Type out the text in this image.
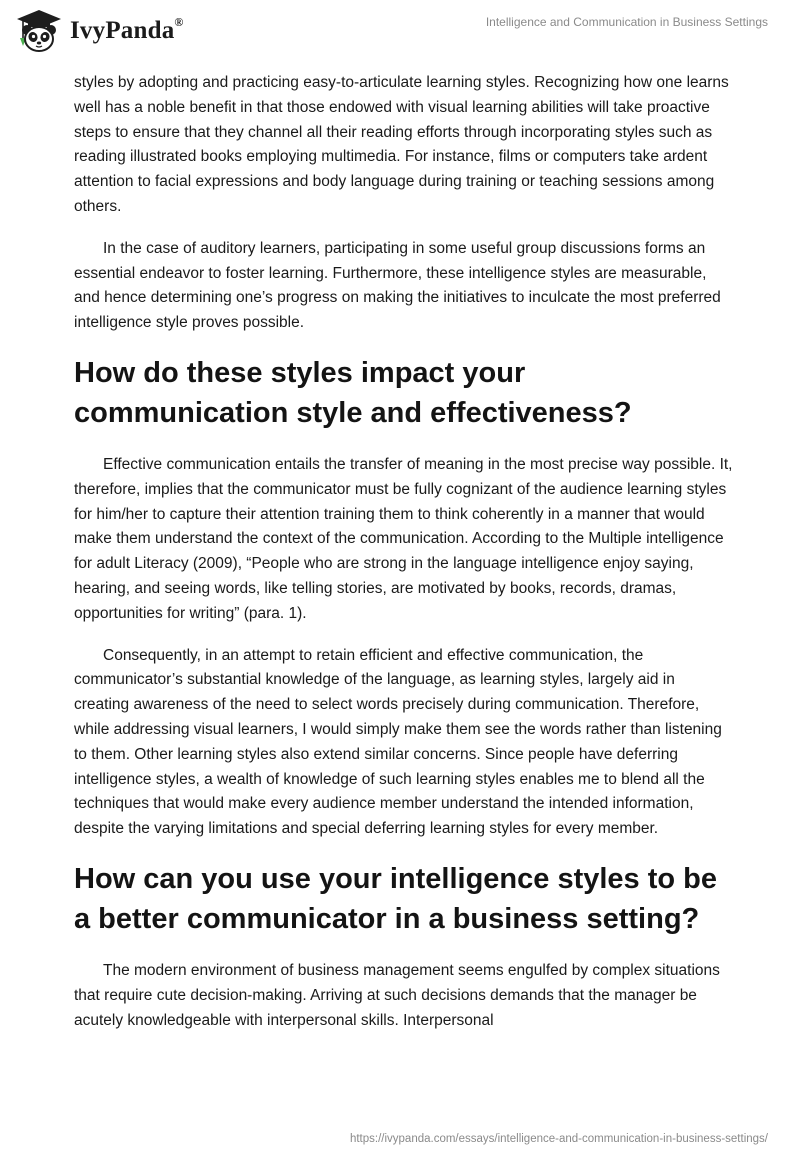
IvyPanda®	Intelligence and Communication in Business Settings

styles by adopting and practicing easy-to-articulate learning styles. Recognizing how one learns well has a noble benefit in that those endowed with visual learning abilities will take proactive steps to ensure that they channel all their reading efforts through incorporating styles such as reading illustrated books employing multimedia. For instance, films or computers take ardent attention to facial expressions and body language during training or teaching sessions among others.

In the case of auditory learners, participating in some useful group discussions forms an essential endeavor to foster learning. Furthermore, these intelligence styles are measurable, and hence determining one’s progress on making the initiatives to inculcate the most preferred intelligence style proves possible.

How do these styles impact your communication style and effectiveness?

Effective communication entails the transfer of meaning in the most precise way possible. It, therefore, implies that the communicator must be fully cognizant of the audience learning styles for him/her to capture their attention training them to think coherently in a manner that would make them understand the context of the communication. According to the Multiple intelligence for adult Literacy (2009), “People who are strong in the language intelligence enjoy saying, hearing, and seeing words, like telling stories, are motivated by books, records, dramas, opportunities for writing” (para. 1).

Consequently, in an attempt to retain efficient and effective communication, the communicator’s substantial knowledge of the language, as learning styles, largely aid in creating awareness of the need to select words precisely during communication. Therefore, while addressing visual learners, I would simply make them see the words rather than listening to them. Other learning styles also extend similar concerns. Since people have deferring intelligence styles, a wealth of knowledge of such learning styles enables me to blend all the techniques that would make every audience member understand the intended information, despite the varying limitations and special deferring learning styles for every member.

How can you use your intelligence styles to be a better communicator in a business setting?

The modern environment of business management seems engulfed by complex situations that require cute decision-making. Arriving at such decisions demands that the manager be acutely knowledgeable with interpersonal skills. Interpersonal

https://ivypanda.com/essays/intelligence-and-communication-in-business-settings/
